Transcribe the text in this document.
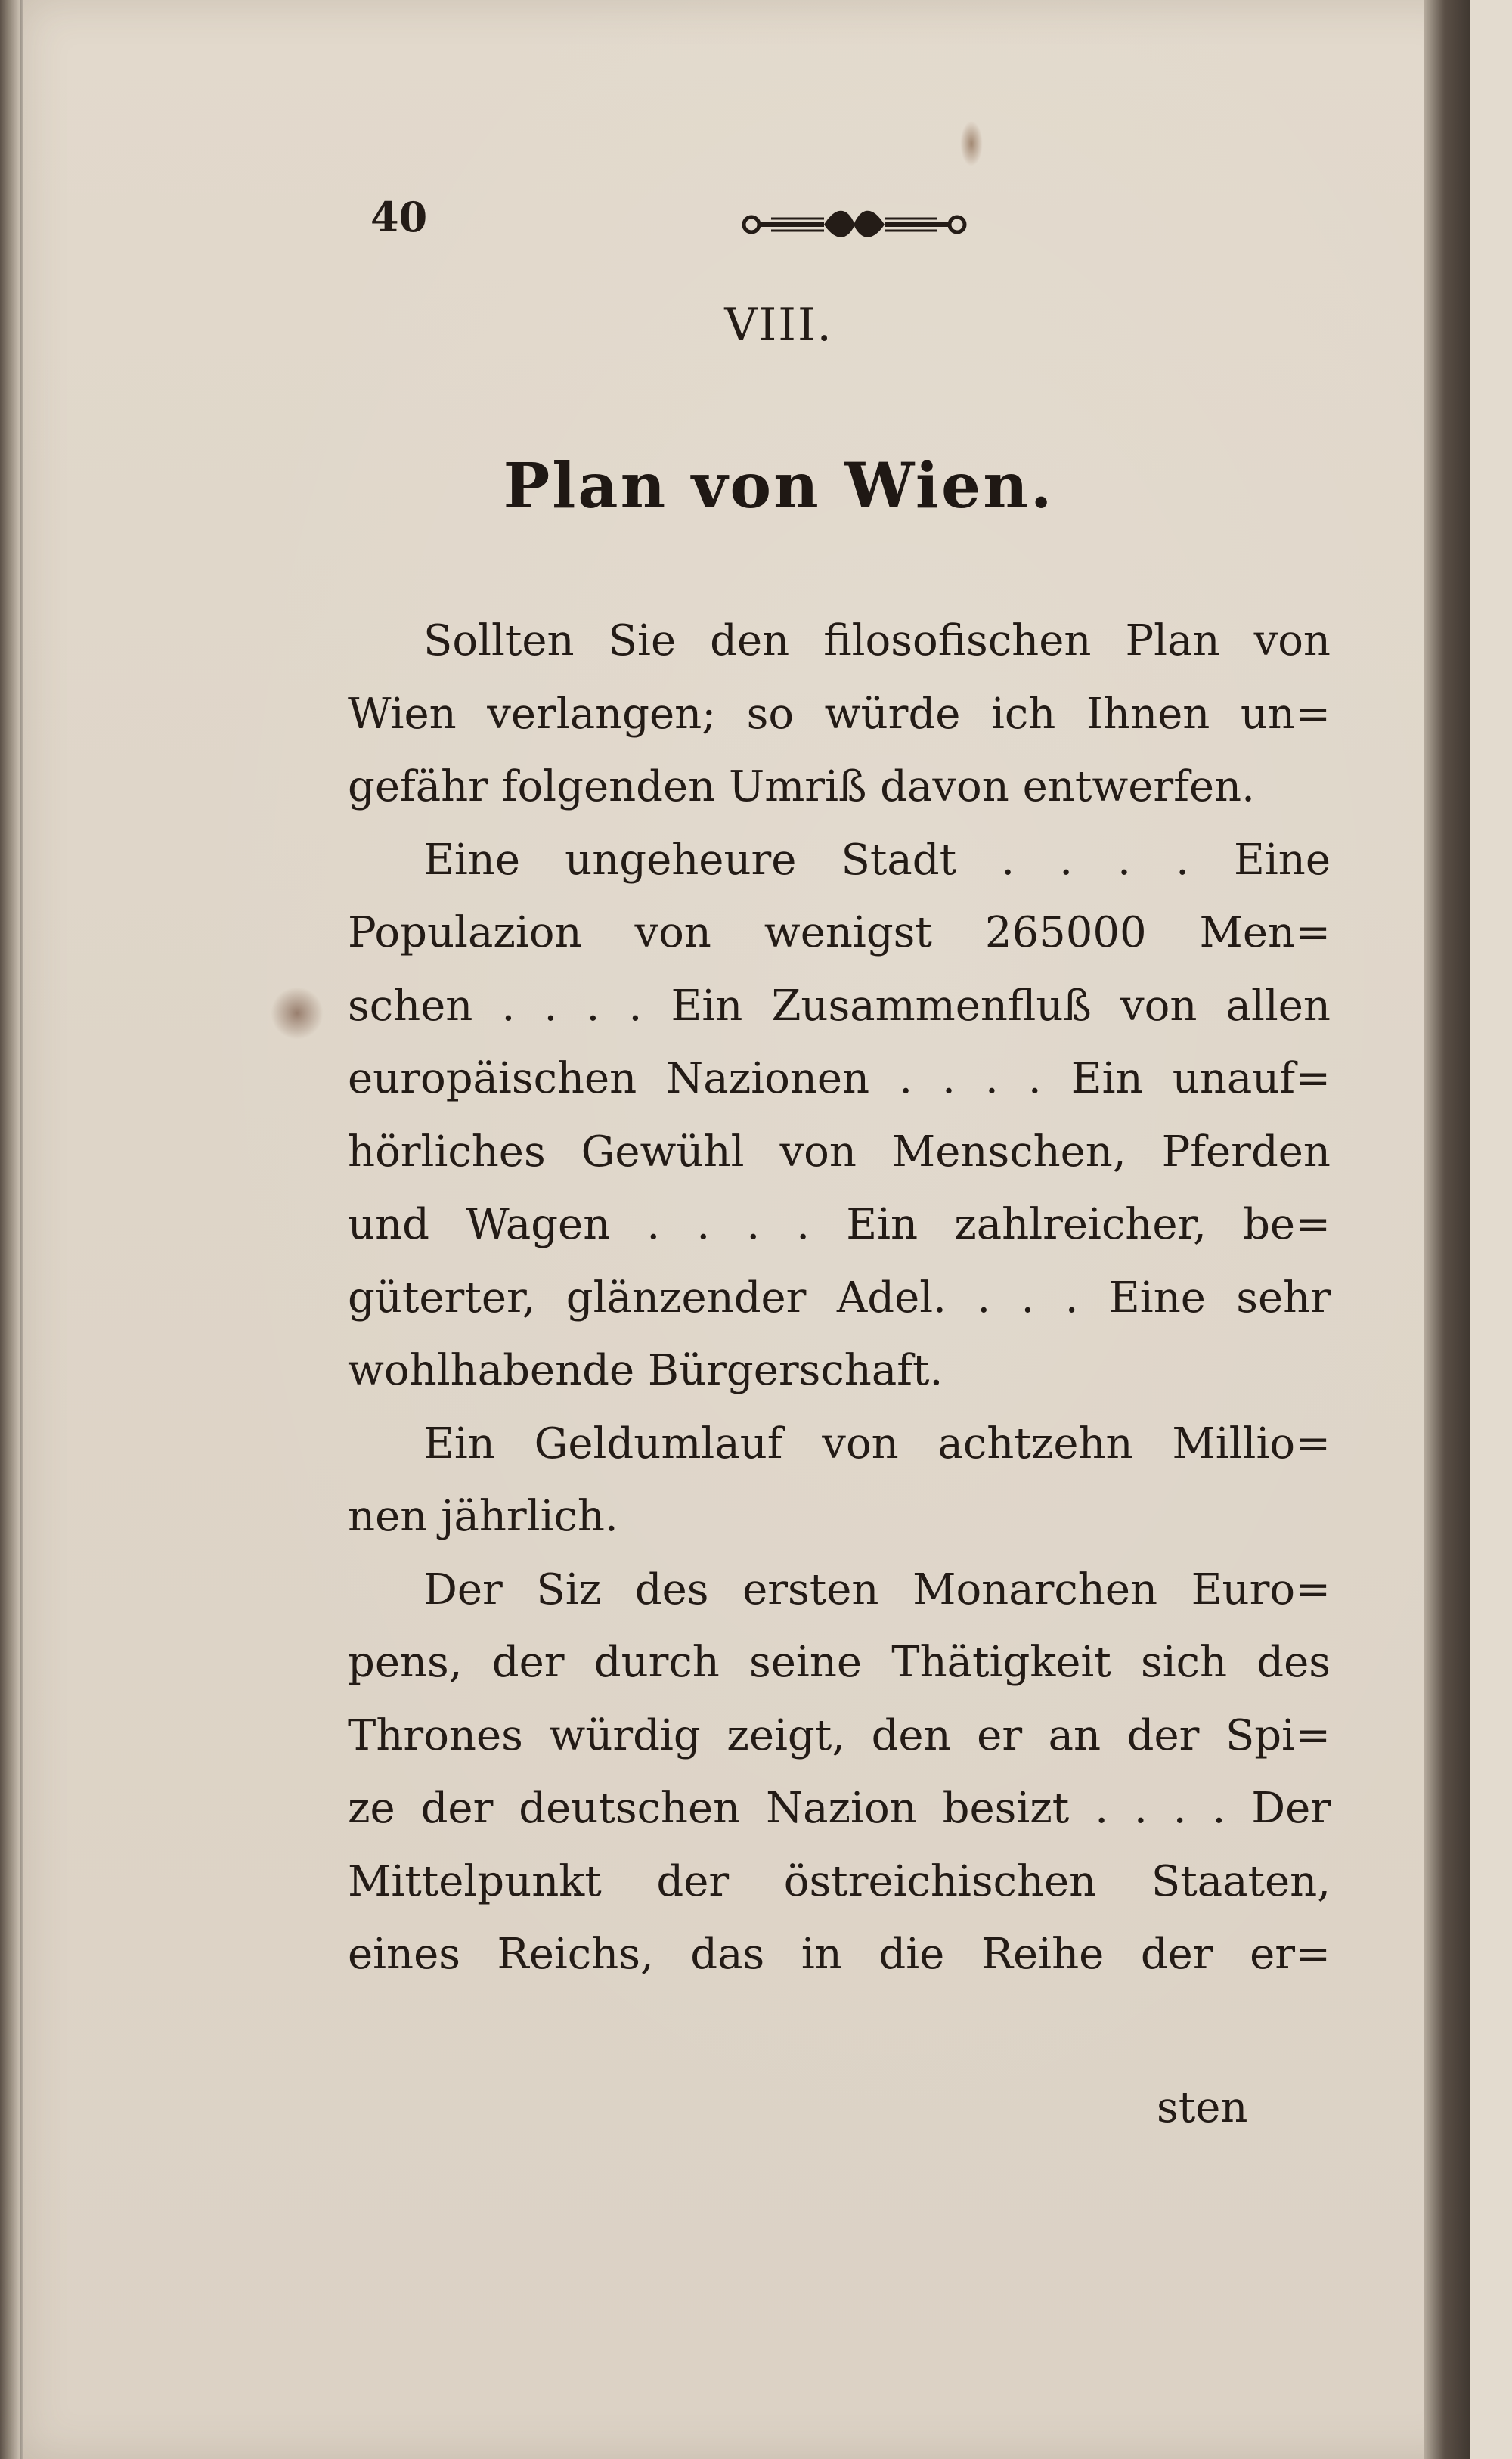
40
VIII.
Plan von Wien.
Sollten Sie den filosofischen Plan von
Wien verlangen; so würde ich Ihnen un=
gefähr folgenden Umriß davon entwerfen.
Eine ungeheure Stadt . . . . Eine
Populazion von wenigst 265000 Men=
schen . . . . Ein Zusammenfluß von allen
europäischen Nazionen . . . . Ein unauf=
hörliches Gewühl von Menschen, Pferden
und Wagen . . . . Ein zahlreicher, be=
güterter, glänzender Adel. . . . Eine sehr
wohlhabende Bürgerschaft.
Ein Geldumlauf von achtzehn Millio=
nen jährlich.
Der Siz des ersten Monarchen Euro=
pens, der durch seine Thätigkeit sich des
Thrones würdig zeigt, den er an der Spi=
ze der deutschen Nazion besizt . . . . Der
Mittelpunkt der östreichischen Staaten,
eines Reichs, das in die Reihe der er=
sten
